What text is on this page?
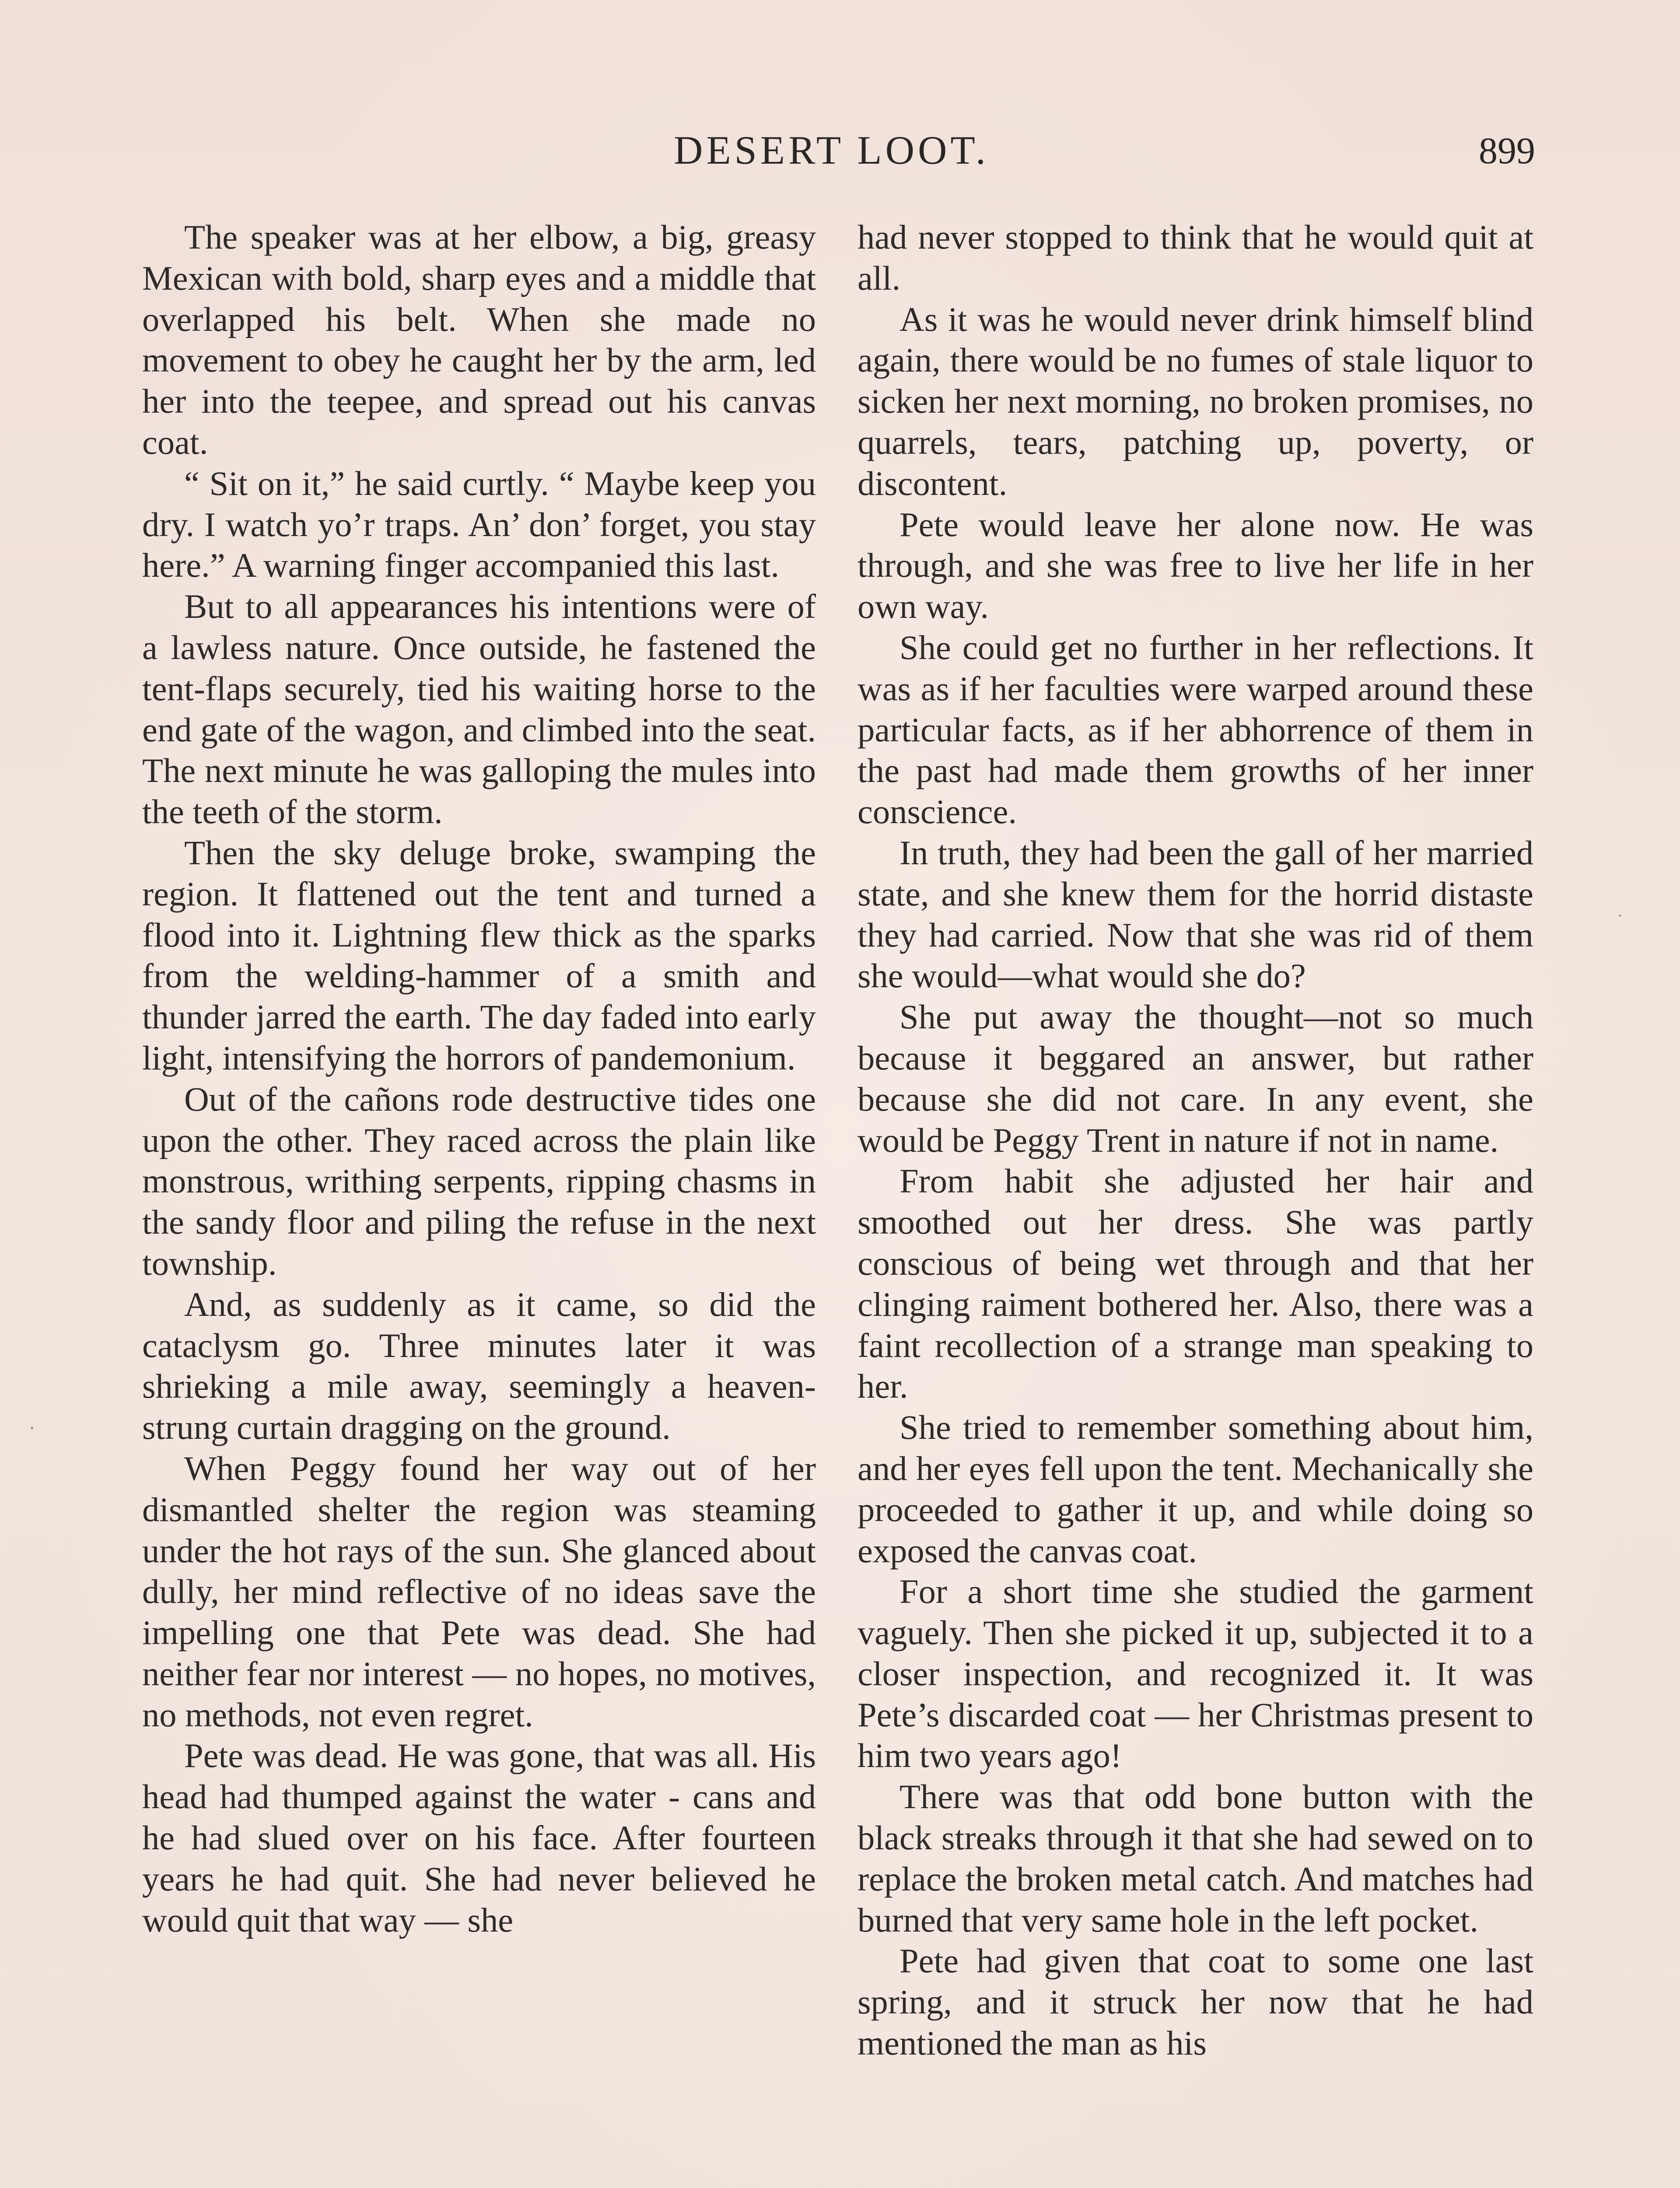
DESERT LOOT.	899

The speaker was at her elbow, a big, greasy Mexican with bold, sharp eyes and a middle that overlapped his belt. When she made no movement to obey he caught her by the arm, led her into the teepee, and spread out his canvas coat.

“ Sit on it,” he said curtly. “ Maybe keep you dry. I watch yo’r traps. An’ don’ forget, you stay here.” A warning finger accompanied this last.

But to all appearances his intentions were of a lawless nature. Once outside, he fastened the tent-flaps securely, tied his waiting horse to the end gate of the wagon, and climbed into the seat. The next minute he was galloping the mules into the teeth of the storm.

Then the sky deluge broke, swamping the region. It flattened out the tent and turned a flood into it. Lightning flew thick as the sparks from the welding-hammer of a smith and thunder jarred the earth. The day faded into early light, intensifying the horrors of pandemonium.

Out of the cañons rode destructive tides one upon the other. They raced across the plain like monstrous, writhing serpents, ripping chasms in the sandy floor and piling the refuse in the next township.

And, as suddenly as it came, so did the cataclysm go. Three minutes later it was shrieking a mile away, seemingly a heaven-strung curtain dragging on the ground.

When Peggy found her way out of her dismantled shelter the region was steaming under the hot rays of the sun. She glanced about dully, her mind reflective of no ideas save the impelling one that Pete was dead. She had neither fear nor interest — no hopes, no motives, no methods, not even regret.

Pete was dead. He was gone, that was all. His head had thumped against the water - cans and he had slued over on his face. After fourteen years he had quit. She had never believed he would quit that way — she

had never stopped to think that he would quit at all.

As it was he would never drink himself blind again, there would be no fumes of stale liquor to sicken her next morning, no broken promises, no quarrels, tears, patching up, poverty, or discontent.

Pete would leave her alone now. He was through, and she was free to live her life in her own way.

She could get no further in her reflections. It was as if her faculties were warped around these particular facts, as if her abhorrence of them in the past had made them growths of her inner conscience.

In truth, they had been the gall of her married state, and she knew them for the horrid distaste they had carried. Now that she was rid of them she would—what would she do?

She put away the thought—not so much because it beggared an answer, but rather because she did not care. In any event, she would be Peggy Trent in nature if not in name.

From habit she adjusted her hair and smoothed out her dress. She was partly conscious of being wet through and that her clinging raiment bothered her. Also, there was a faint recollection of a strange man speaking to her.

She tried to remember something about him, and her eyes fell upon the tent. Mechanically she proceeded to gather it up, and while doing so exposed the canvas coat.

For a short time she studied the garment vaguely. Then she picked it up, subjected it to a closer inspection, and recognized it. It was Pete’s discarded coat — her Christmas present to him two years ago!

There was that odd bone button with the black streaks through it that she had sewed on to replace the broken metal catch. And matches had burned that very same hole in the left pocket.

Pete had given that coat to some one last spring, and it struck her now that he had mentioned the man as his
